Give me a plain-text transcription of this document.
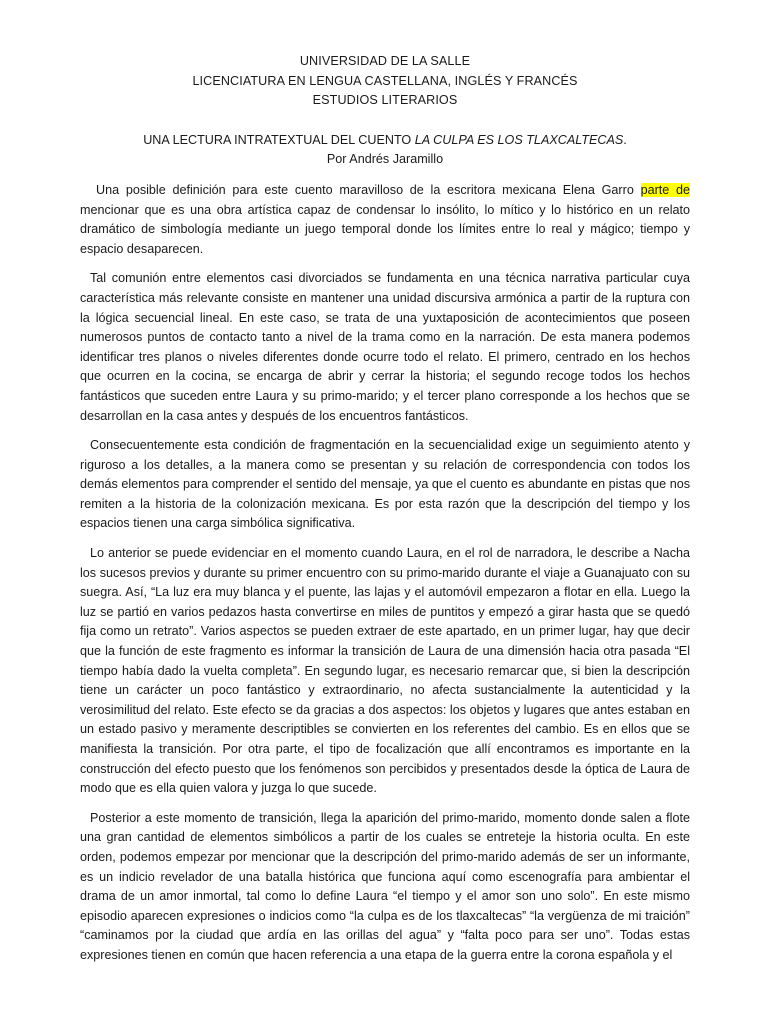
UNIVERSIDAD DE LA SALLE
LICENCIATURA EN LENGUA CASTELLANA, INGLÉS Y FRANCÉS
ESTUDIOS LITERARIOS
UNA LECTURA INTRATEXTUAL DEL CUENTO LA CULPA ES LOS TLAXCALTECAS.
Por Andrés Jaramillo

Una posible definición para este cuento maravilloso de la escritora mexicana Elena Garro parte de mencionar que es una obra artística capaz de condensar lo insólito, lo mítico y lo histórico en un relato dramático de simbología mediante un juego temporal donde los límites entre lo real y mágico; tiempo y espacio desaparecen.

Tal comunión entre elementos casi divorciados se fundamenta en una técnica narrativa particular cuya característica más relevante consiste en mantener una unidad discursiva armónica a partir de la ruptura con la lógica secuencial lineal. En este caso, se trata de una yuxtaposición de acontecimientos que poseen numerosos puntos de contacto tanto a nivel de la trama como en la narración. De esta manera podemos identificar tres planos o niveles diferentes donde ocurre todo el relato. El primero, centrado en los hechos que ocurren en la cocina, se encarga de abrir y cerrar la historia; el segundo recoge todos los hechos fantásticos que suceden entre Laura y su primo-marido; y el tercer plano corresponde a los hechos que se desarrollan en la casa antes y después de los encuentros fantásticos.

Consecuentemente esta condición de fragmentación en la secuencialidad exige un seguimiento atento y riguroso a los detalles, a la manera como se presentan y su relación de correspondencia con todos los demás elementos para comprender el sentido del mensaje, ya que el cuento es abundante en pistas que nos remiten a la historia de la colonización mexicana. Es por esta razón que la descripción del tiempo y los espacios tienen una carga simbólica significativa.

Lo anterior se puede evidenciar en el momento cuando Laura, en el rol de narradora, le describe a Nacha los sucesos previos y durante su primer encuentro con su primo-marido durante el viaje a Guanajuato con su suegra. Así, “La luz era muy blanca y el puente, las lajas y el automóvil empezaron a flotar en ella. Luego la luz se partió en varios pedazos hasta convertirse en miles de puntitos y empezó a girar hasta que se quedó fija como un retrato”. Varios aspectos se pueden extraer de este apartado, en un primer lugar, hay que decir que la función de este fragmento es informar la transición de Laura de una dimensión hacia otra pasada “El tiempo había dado la vuelta completa”. En segundo lugar, es necesario remarcar que, si bien la descripción tiene un carácter un poco fantástico y extraordinario, no afecta sustancialmente la autenticidad y la verosimilitud del relato. Este efecto se da gracias a dos aspectos: los objetos y lugares que antes estaban en un estado pasivo y meramente descriptibles se convierten en los referentes del cambio. Es en ellos que se manifiesta la transición. Por otra parte, el tipo de focalización que allí encontramos es importante en la construcción del efecto puesto que los fenómenos son percibidos y presentados desde la óptica de Laura de modo que es ella quien valora y juzga lo que sucede.

Posterior a este momento de transición, llega la aparición del primo-marido, momento donde salen a flote una gran cantidad de elementos simbólicos a partir de los cuales se entreteje la historia oculta. En este orden, podemos empezar por mencionar que la descripción del primo-marido además de ser un informante, es un indicio revelador de una batalla histórica que funciona aquí como escenografía para ambientar el drama de un amor inmortal, tal como lo define Laura “el tiempo y el amor son uno solo”. En este mismo episodio aparecen expresiones o indicios como “la culpa es de los tlaxcaltecas” “la vergüenza de mi traición” “caminamos por la ciudad que ardía en las orillas del agua” y “falta poco para ser uno”. Todas estas expresiones tienen en común que hacen referencia a una etapa de la guerra entre la corona española y el
